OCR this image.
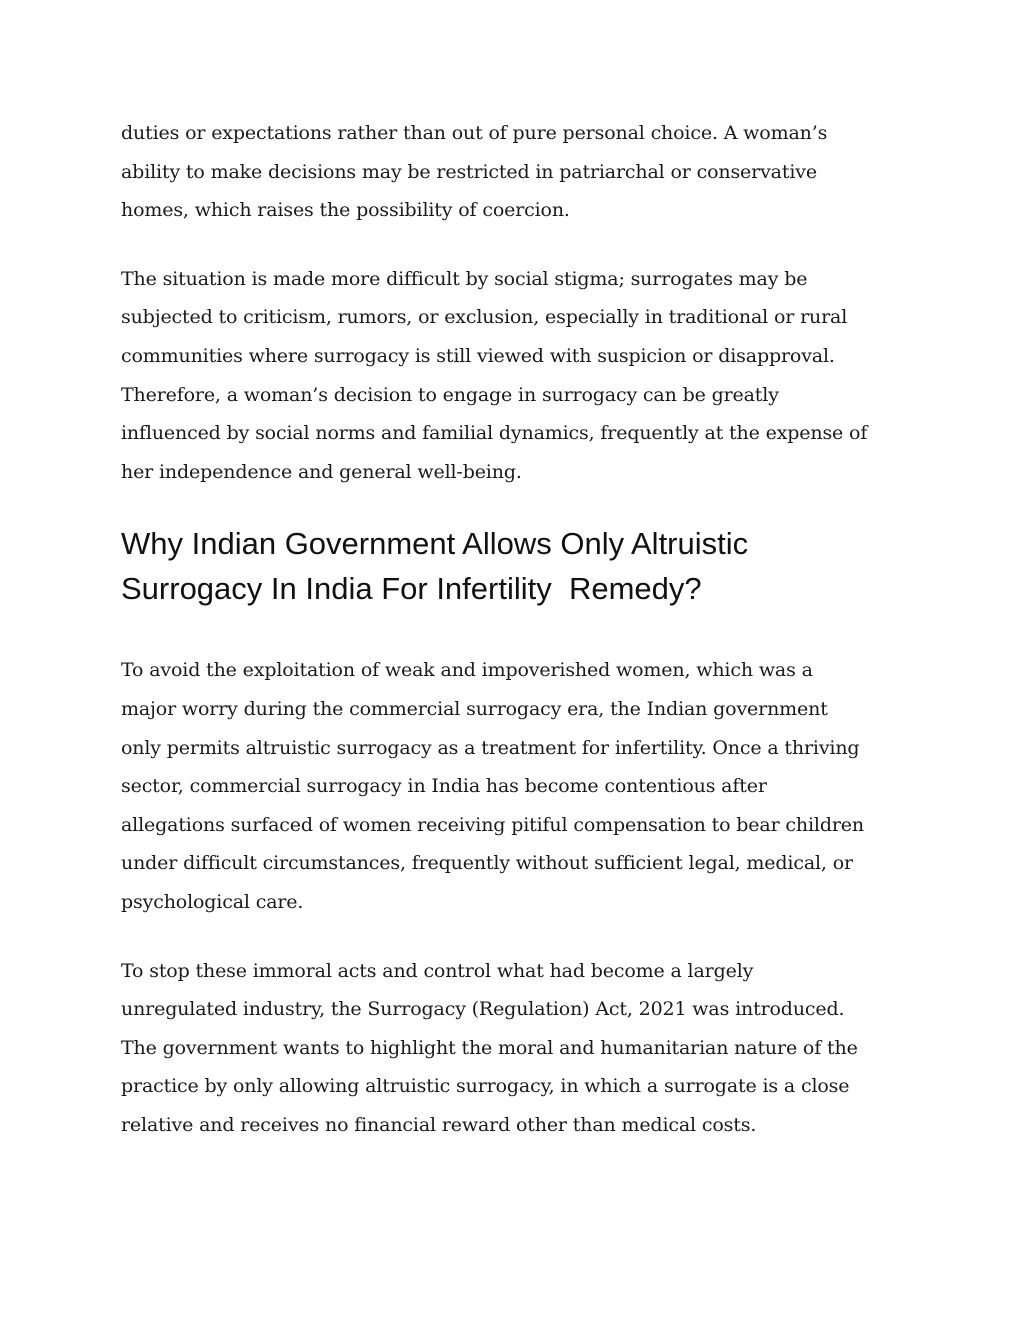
duties or expectations rather than out of pure personal choice. A woman’s
ability to make decisions may be restricted in patriarchal or conservative
homes, which raises the possibility of coercion.

The situation is made more difficult by social stigma; surrogates may be
subjected to criticism, rumors, or exclusion, especially in traditional or rural
communities where surrogacy is still viewed with suspicion or disapproval.
Therefore, a woman’s decision to engage in surrogacy can be greatly
influenced by social norms and familial dynamics, frequently at the expense of
her independence and general well-being.

Why Indian Government Allows Only Altruistic
Surrogacy In India For Infertility  Remedy?

To avoid the exploitation of weak and impoverished women, which was a
major worry during the commercial surrogacy era, the Indian government
only permits altruistic surrogacy as a treatment for infertility. Once a thriving
sector, commercial surrogacy in India has become contentious after
allegations surfaced of women receiving pitiful compensation to bear children
under difficult circumstances, frequently without sufficient legal, medical, or
psychological care.

To stop these immoral acts and control what had become a largely
unregulated industry, the Surrogacy (Regulation) Act, 2021 was introduced.
The government wants to highlight the moral and humanitarian nature of the
practice by only allowing altruistic surrogacy, in which a surrogate is a close
relative and receives no financial reward other than medical costs.
